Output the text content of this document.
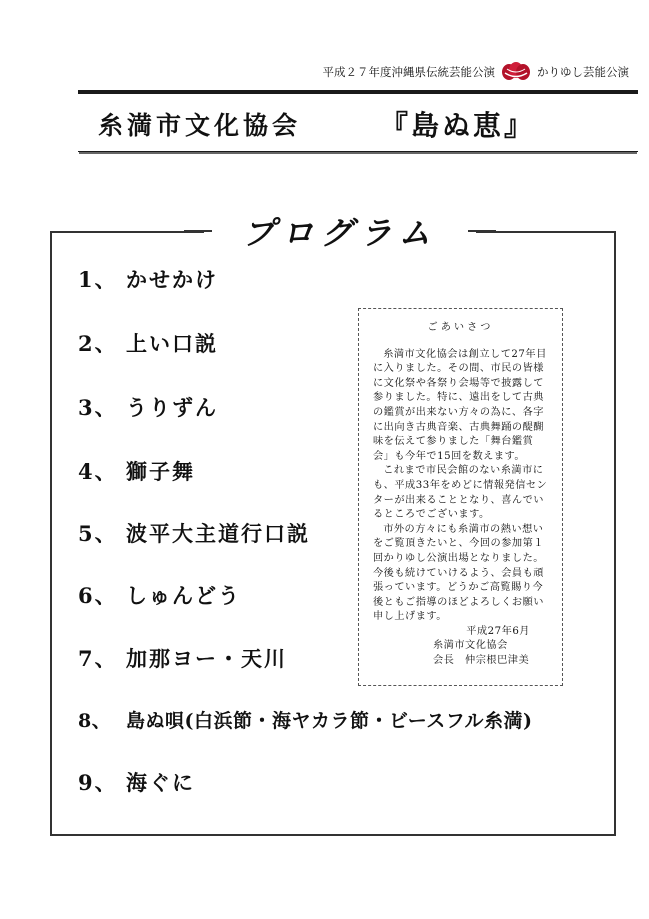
平成２７年度沖縄県伝統芸能公演	かりゆし芸能公演
糸満市文化協会	『島ぬ恵』
プログラム
1、 かせかけ
2、 上い口説
3、 うりずん
4、 獅子舞
5、 波平大主道行口説
6、 しゅんどう
7、 加那ヨー・天川
8、 島ぬ唄(白浜節・海ヤカラ節・ビースフル糸満)
9、 海ぐに
ごあいさつ

糸満市文化協会は創立して27年目に入りました。その間、市民の皆様に文化祭や各祭り会場等で披露して参りました。特に、遠出をして古典の鑑賞が出来ない方々の為に、各字に出向き古典音楽、古典舞踊の醍醐味を伝えて参りました「舞台鑑賞会」も今年で15回を数えます。

これまで市民会館のない糸満市にも、平成33年をめどに情報発信センターが出来ることとなり、喜んでいるところでございます。

市外の方々にも糸満市の熱い想いをご覧頂きたいと、今回の参加第１回かりゆし公演出場となりました。今後も続けていけるよう、会員も頑張っています。どうかご高覧賜り今後ともご指導のほどよろしくお願い申し上げます。

平成27年6月
糸満市文化協会
会長　仲宗根巴津美
